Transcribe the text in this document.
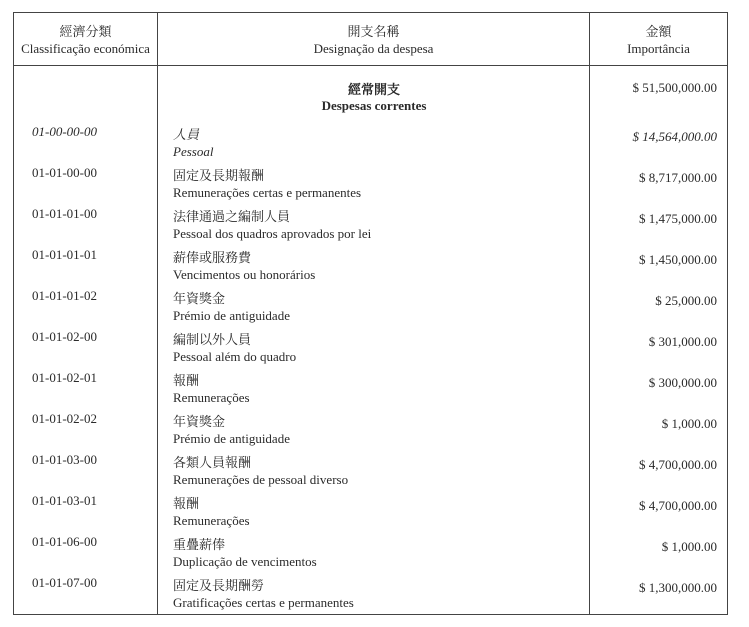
經濟分類
Classificação económica
開支名稱
Designação da despesa
金額
Importância
經常開支
Despesas correntes
$ 51,500,000.00
01-00-00-00	人員
Pessoal
$ 14,564,000.00
01-01-00-00	固定及長期報酬
Remunerações certas e permanentes
$ 8,717,000.00
01-01-01-00	法律通過之編制人員
Pessoal dos quadros aprovados por lei
$ 1,475,000.00
01-01-01-01	薪俸或服務費
Vencimentos ou honorários
$ 1,450,000.00
01-01-01-02	年資獎金
Prémio de antiguidade
$ 25,000.00
01-01-02-00	編制以外人員
Pessoal além do quadro
$ 301,000.00
01-01-02-01	報酬
Remunerações
$ 300,000.00
01-01-02-02	年資獎金
Prémio de antiguidade
$ 1,000.00
01-01-03-00	各類人員報酬
Remunerações de pessoal diverso
$ 4,700,000.00
01-01-03-01	報酬
Remunerações
$ 4,700,000.00
01-01-06-00	重疊薪俸
Duplicação de vencimentos
$ 1,000.00
01-01-07-00	固定及長期酬勞
Gratificações certas e permanentes
$ 1,300,000.00
